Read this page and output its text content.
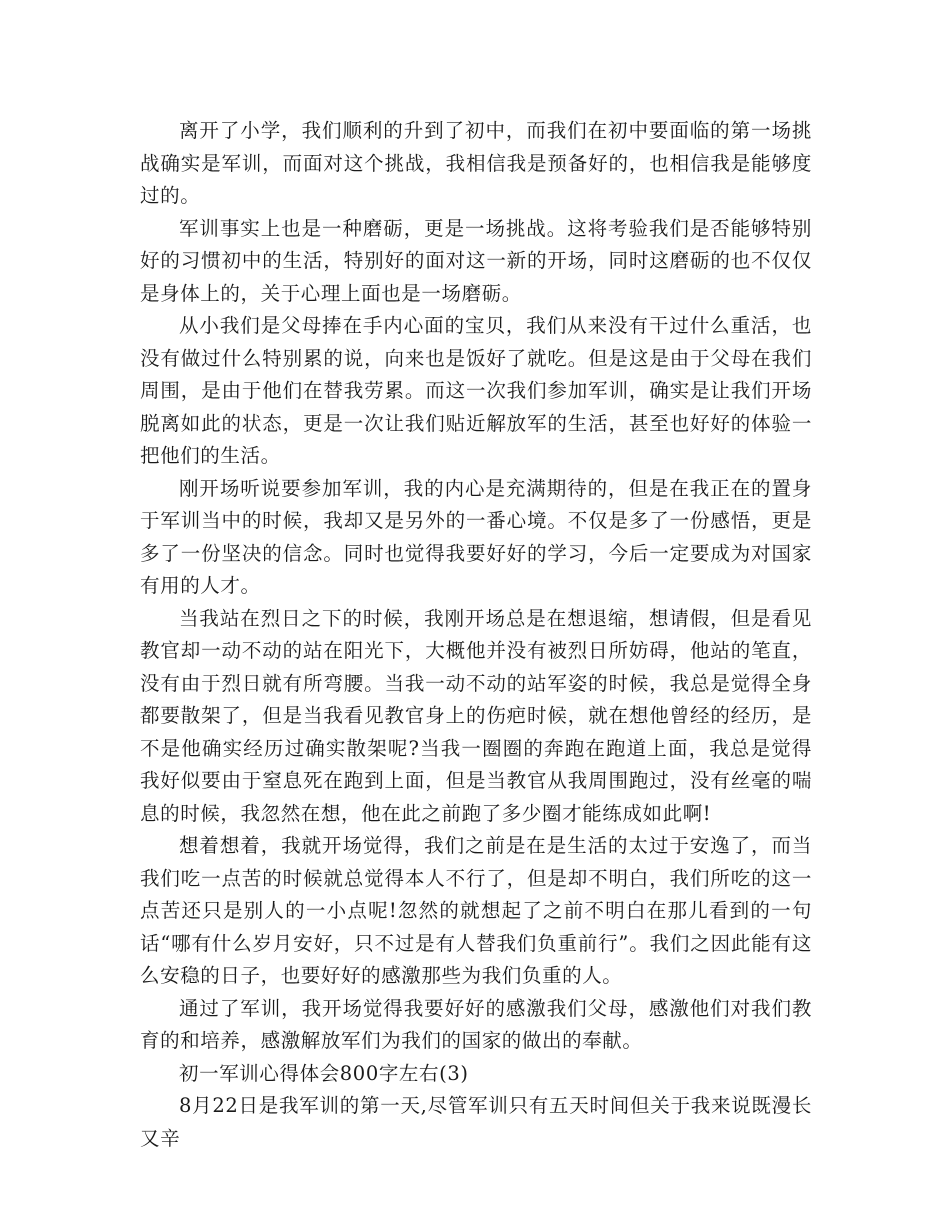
离开了小学，我们顺利的升到了初中，而我们在初中要面临的第一场挑战确实是军训，而面对这个挑战，我相信我是预备好的，也相信我是能够度过的。

军训事实上也是一种磨砺，更是一场挑战。这将考验我们是否能够特别好的习惯初中的生活，特别好的面对这一新的开场，同时这磨砺的也不仅仅是身体上的，关于心理上面也是一场磨砺。

从小我们是父母捧在手内心面的宝贝，我们从来没有干过什么重活，也没有做过什么特别累的说，向来也是饭好了就吃。但是这是由于父母在我们周围，是由于他们在替我劳累。而这一次我们参加军训，确实是让我们开场脱离如此的状态，更是一次让我们贴近解放军的生活，甚至也好好的体验一把他们的生活。

刚开场听说要参加军训，我的内心是充满期待的，但是在我正在的置身于军训当中的时候，我却又是另外的一番心境。不仅是多了一份感悟，更是多了一份坚决的信念。同时也觉得我要好好的学习，今后一定要成为对国家有用的人才。

当我站在烈日之下的时候，我刚开场总是在想退缩，想请假，但是看见教官却一动不动的站在阳光下，大概他并没有被烈日所妨碍，他站的笔直，没有由于烈日就有所弯腰。当我一动不动的站军姿的时候，我总是觉得全身都要散架了，但是当我看见教官身上的伤疤时候，就在想他曾经的经历，是不是他确实经历过确实散架呢?当我一圈圈的奔跑在跑道上面，我总是觉得我好似要由于窒息死在跑到上面，但是当教官从我周围跑过，没有丝毫的喘息的时候，我忽然在想，他在此之前跑了多少圈才能练成如此啊!

想着想着，我就开场觉得，我们之前是在是生活的太过于安逸了，而当我们吃一点苦的时候就总觉得本人不行了，但是却不明白，我们所吃的这一点苦还只是别人的一小点呢!忽然的就想起了之前不明白在那儿看到的一句话“哪有什么岁月安好，只不过是有人替我们负重前行”。我们之因此能有这么安稳的日子，也要好好的感激那些为我们负重的人。

通过了军训，我开场觉得我要好好的感激我们父母，感激他们对我们教育的和培养，感激解放军们为我们的国家的做出的奉献。

初一军训心得体会800字左右(3)

8月22日是我军训的第一天,尽管军训只有五天时间但关于我来说既漫长又辛
